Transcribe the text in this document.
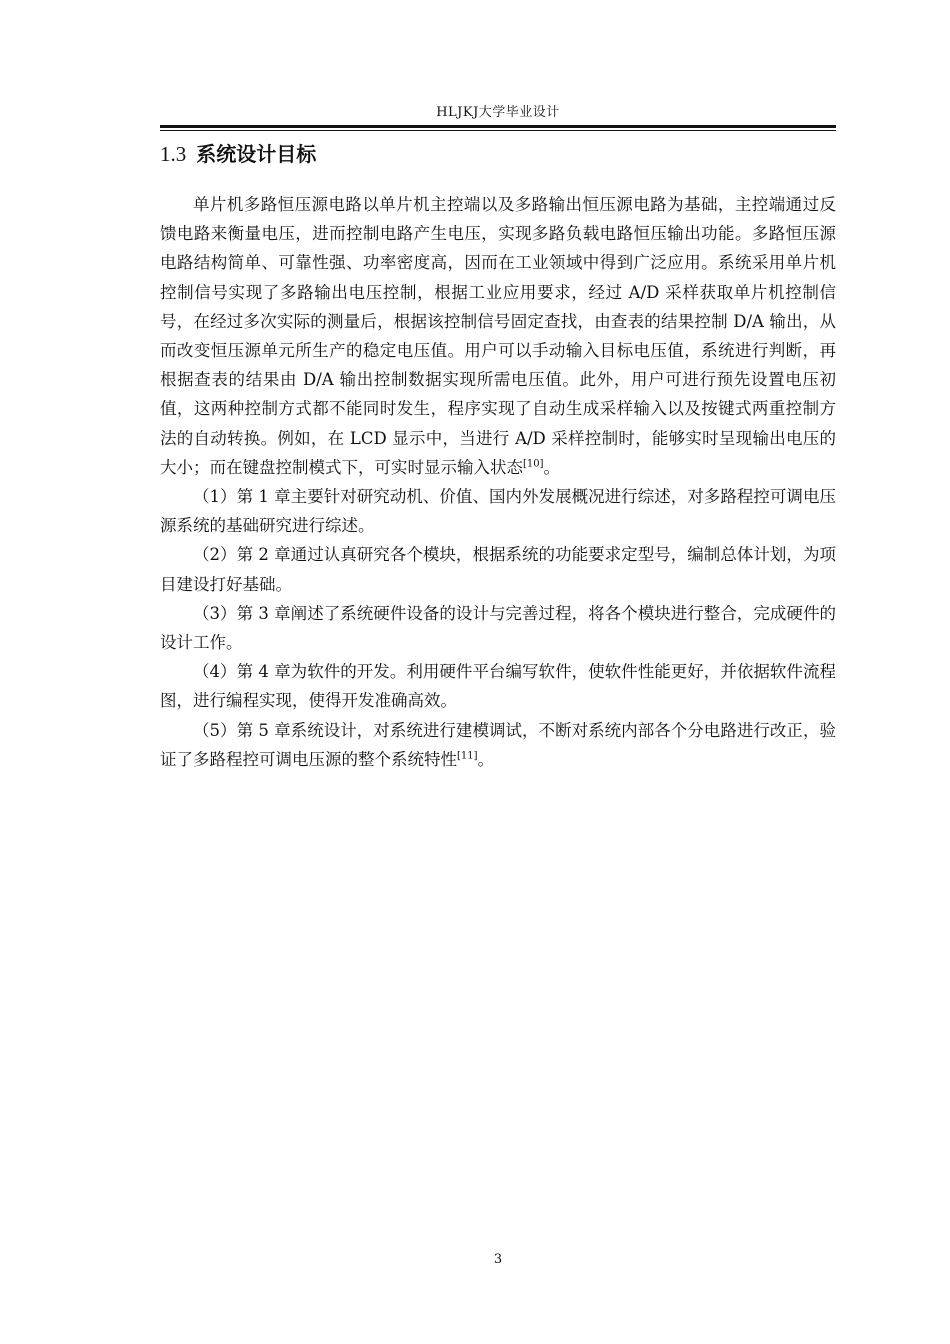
HLJKJ大学毕业设计
1.3 系统设计目标

单片机多路恒压源电路以单片机主控端以及多路输出恒压源电路为基础，主控端通过反馈电路来衡量电压，进而控制电路产生电压，实现多路负载电路恒压输出功能。多路恒压源电路结构简单、可靠性强、功率密度高，因而在工业领域中得到广泛应用。系统采用单片机控制信号实现了多路输出电压控制，根据工业应用要求，经过 A/D 采样获取单片机控制信号，在经过多次实际的测量后，根据该控制信号固定查找，由查表的结果控制 D/A 输出，从而改变恒压源单元所生产的稳定电压值。用户可以手动输入目标电压值，系统进行判断，再根据查表的结果由 D/A 输出控制数据实现所需电压值。此外，用户可进行预先设置电压初值，这两种控制方式都不能同时发生，程序实现了自动生成采样输入以及按键式两重控制方法的自动转换。例如，在 LCD 显示中，当进行 A/D 采样控制时，能够实时呈现输出电压的大小；而在键盘控制模式下，可实时显示输入状态[10]。

（1）第 1 章主要针对研究动机、价值、国内外发展概况进行综述，对多路程控可调电压源系统的基础研究进行综述。

（2）第 2 章通过认真研究各个模块，根据系统的功能要求定型号，编制总体计划，为项目建设打好基础。

（3）第 3 章阐述了系统硬件设备的设计与完善过程，将各个模块进行整合，完成硬件的设计工作。

（4）第 4 章为软件的开发。利用硬件平台编写软件，使软件性能更好，并依据软件流程图，进行编程实现，使得开发准确高效。

（5）第 5 章系统设计，对系统进行建模调试，不断对系统内部各个分电路进行改正，验证了多路程控可调电压源的整个系统特性[11]。

3
